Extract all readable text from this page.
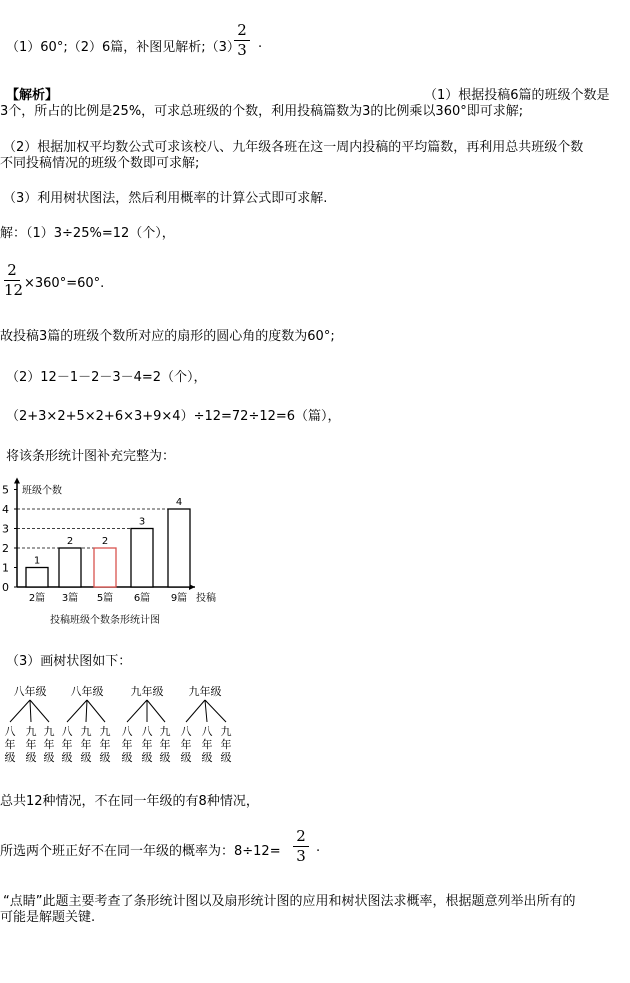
（1）60°;（2）6篇，补图见解析;（3）
2
3 .
【解析】	（1）根据投稿6篇的班级个数是
3个，所占的比例是25%，可求总班级的个数，利用投稿篇数为3的比例乘以360°即可求解;
（2）根据加权平均数公式可求该校八、九年级各班在这一周内投稿的平均篇数，再利用总共班级个数
不同投稿情况的班级个数即可求解;
（3）利用树状图法，然后利用概率的计算公式即可求解.
解：（1）3÷25%=12（个），
2
12 ×360°=60°.
故投稿3篇的班级个数所对应的扇形的圆心角的度数为60°;
（2）12－1－2－3－4=2（个），
（2+3×2+5×2+6×3+9×4）÷12=72÷12=6（篇），
将该条形统计图补充完整为：
0
1
2
3
4
5 班级个数
1
2篇
2
3篇
2
5篇
3
6篇
4
9篇 投稿
投稿班级个数条形统计图
（3）画树状图如下：
八年级
八年级
九年级
九年级
八年级
八年级
九年级
九年级
九年级
八年级
八年级
九年级
九年级
八年级
八年级
九年级
总共12种情况，不在同一年级的有8种情况，
所选两个班正好不在同一年级的概率为：8÷12=
2
3 .
“点睛”此题主要考查了条形统计图以及扇形统计图的应用和树状图法求概率，根据题意列举出所有的
可能是解题关键.
